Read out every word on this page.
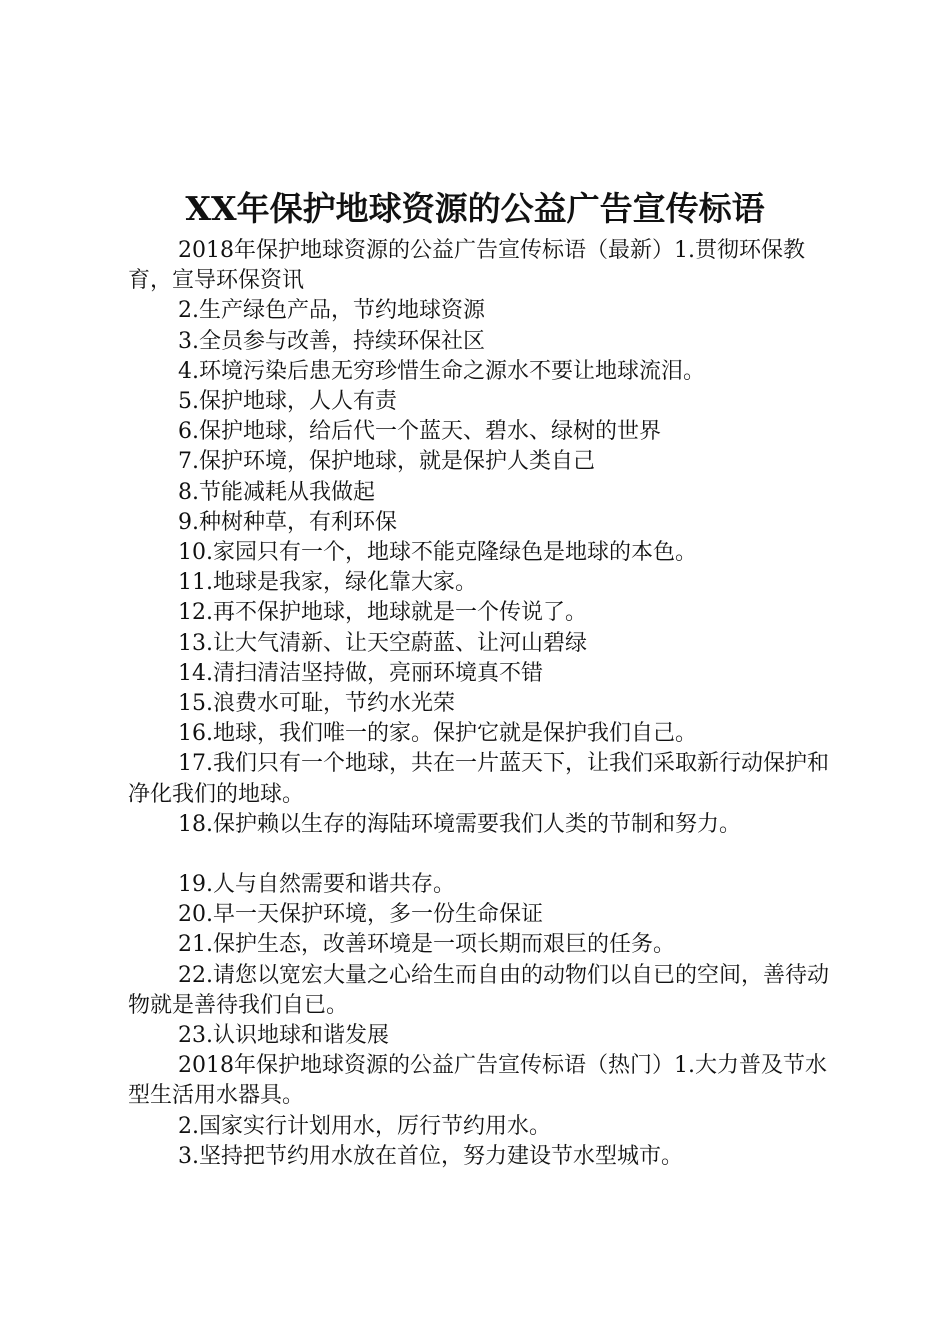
XX年保护地球资源的公益广告宣传标语

2018年保护地球资源的公益广告宣传标语（最新）1.贯彻环保教育，宣导环保资讯

2.生产绿色产品，节约地球资源

3.全员参与改善，持续环保社区

4.环境污染后患无穷珍惜生命之源水不要让地球流泪。

5.保护地球，人人有责

6.保护地球，给后代一个蓝天、碧水、绿树的世界

7.保护环境，保护地球，就是保护人类自己

8.节能减耗从我做起

9.种树种草，有利环保

10.家园只有一个，地球不能克隆绿色是地球的本色。

11.地球是我家，绿化靠大家。

12.再不保护地球，地球就是一个传说了。

13.让大气清新、让天空蔚蓝、让河山碧绿

14.清扫清洁坚持做，亮丽环境真不错

15.浪费水可耻，节约水光荣

16.地球，我们唯一的家。保护它就是保护我们自己。

17.我们只有一个地球，共在一片蓝天下，让我们采取新行动保护和净化我们的地球。

18.保护赖以生存的海陆环境需要我们人类的节制和努力。

19.人与自然需要和谐共存。

20.早一天保护环境，多一份生命保证

21.保护生态，改善环境是一项长期而艰巨的任务。

22.请您以宽宏大量之心给生而自由的动物们以自已的空间，善待动物就是善待我们自已。

23.认识地球和谐发展

2018年保护地球资源的公益广告宣传标语（热门）1.大力普及节水型生活用水器具。

2.国家实行计划用水，厉行节约用水。

3.坚持把节约用水放在首位，努力建设节水型城市。
